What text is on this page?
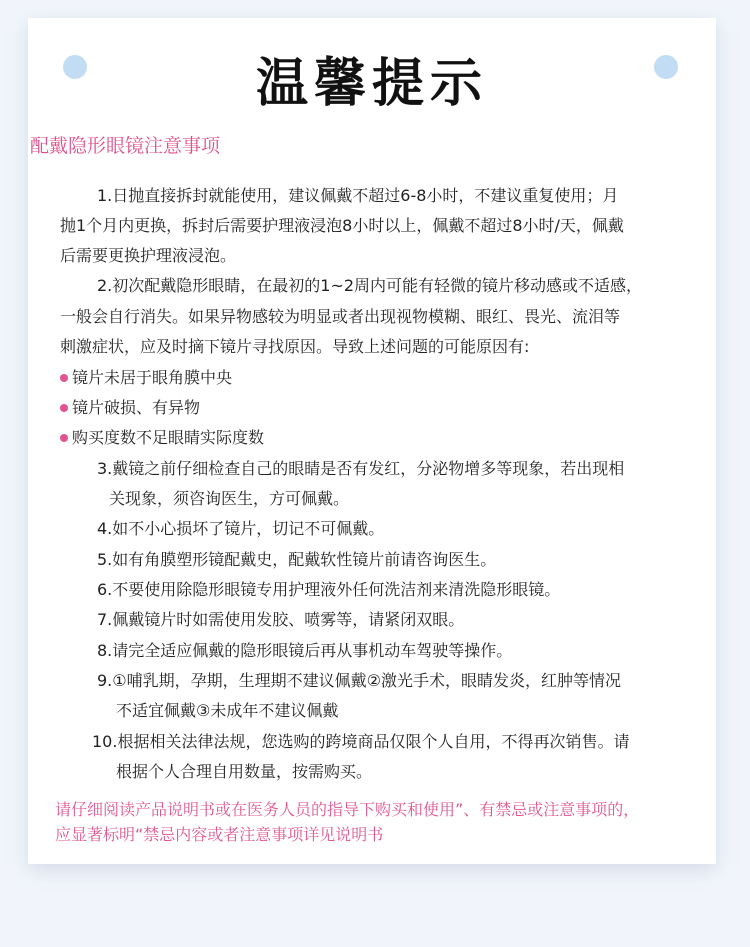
温馨提示
配戴隐形眼镜注意事项
1.日抛直接拆封就能使用，建议佩戴不超过6-8小时，不建议重复使用；月
抛1个月内更换，拆封后需要护理液浸泡8小时以上，佩戴不超过8小时/天，佩戴
后需要更换护理液浸泡。
2.初次配戴隐形眼睛，在最初的1~2周内可能有轻微的镜片移动感或不适感，
一般会自行消失。如果异物感较为明显或者出现视物模糊、眼红、畏光、流泪等
刺激症状，应及时摘下镜片寻找原因。导致上述问题的可能原因有:
镜片未居于眼角膜中央
镜片破损、有异物
购买度数不足眼睛实际度数
3.戴镜之前仔细检查自己的眼睛是否有发红，分泌物增多等现象，若出现相
关现象，须咨询医生，方可佩戴。
4.如不小心损坏了镜片，切记不可佩戴。
5.如有角膜塑形镜配戴史，配戴软性镜片前请咨询医生。
6.不要使用除隐形眼镜专用护理液外任何洗洁剂来清洗隐形眼镜。
7.佩戴镜片时如需使用发胶、喷雾等，请紧闭双眼。
8.请完全适应佩戴的隐形眼镜后再从事机动车驾驶等操作。
9.①哺乳期，孕期，生理期不建议佩戴②激光手术，眼睛发炎，红肿等情况
不适宜佩戴③未成年不建议佩戴
10.根据相关法律法规，您选购的跨境商品仅限个人自用，不得再次销售。请
根据个人合理自用数量，按需购买。
请仔细阅读产品说明书或在医务人员的指导下购买和使用”、有禁忌或注意事项的，
应显著标明“禁忌内容或者注意事项详见说明书
